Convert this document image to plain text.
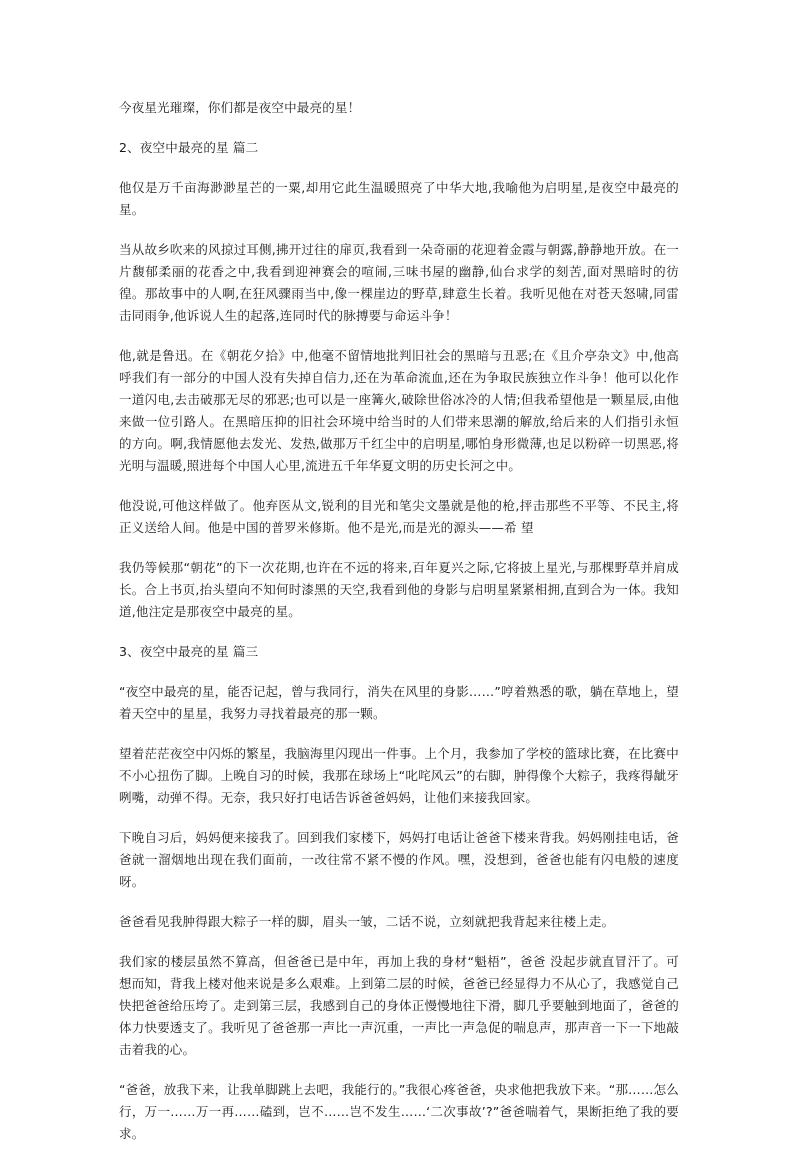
今夜星光璀璨，你们都是夜空中最亮的星！

2、夜空中最亮的星 篇二

他仅是万千亩海渺渺星芒的一粟,却用它此生温暖照亮了中华大地,我喻他为启明星,是夜空中最亮的星。

当从故乡吹来的风掠过耳侧,拂开过往的扉页,我看到一朵奇丽的花迎着金霞与朝露,静静地开放。在一片馥郁柔丽的花香之中,我看到迎神赛会的喧闹,三味书屋的幽静,仙台求学的刻苦,面对黑暗时的彷徨。那故事中的人啊,在狂风骤雨当中,像一棵崖边的野草,肆意生长着。我听见他在对苍天怒啸,同雷击同雨争,他诉说人生的起落,连同时代的脉搏要与命运斗争！

他,就是鲁迅。在《朝花夕拾》中,他毫不留情地批判旧社会的黑暗与丑恶;在《且介亭杂文》中,他高呼我们有一部分的中国人没有失掉自信力,还在为革命流血,还在为争取民族独立作斗争！他可以化作一道闪电,去击破那无尽的邪恶;也可以是一座篝火,破除世俗冰冷的人情;但我希望他是一颗星辰,由他来做一位引路人。在黑暗压抑的旧社会环境中给当时的人们带来思潮的解放,给后来的人们指引永恒的方向。啊,我情愿他去发光、发热,做那万千红尘中的启明星,哪怕身形微薄,也足以粉碎一切黑恶,将光明与温暖,照进每个中国人心里,流进五千年华夏文明的历史长河之中。

他没说,可他这样做了。他弃医从文,锐利的目光和笔尖文墨就是他的枪,抨击那些不平等、不民主,将正义送给人间。他是中国的普罗米修斯。他不是光,而是光的源头——希 望

我仍等候那“朝花”的下一次花期,也许在不远的将来,百年夏兴之际,它将披上星光,与那棵野草并肩成长。合上书页,抬头望向不知何时漆黑的天空,我看到他的身影与启明星紧紧相拥,直到合为一体。我知道,他注定是那夜空中最亮的星。

3、夜空中最亮的星 篇三

“夜空中最亮的星，能否记起，曾与我同行，消失在风里的身影……”哼着熟悉的歌，躺在草地上，望着天空中的星星，我努力寻找着最亮的那一颗。

望着茫茫夜空中闪烁的繁星，我脑海里闪现出一件事。上个月，我参加了学校的篮球比赛，在比赛中不小心扭伤了脚。上晚自习的时候，我那在球场上“叱咤风云”的右脚，肿得像个大粽子，我疼得龇牙咧嘴，动弹不得。无奈，我只好打电话告诉爸爸妈妈，让他们来接我回家。

下晚自习后，妈妈便来接我了。回到我们家楼下，妈妈打电话让爸爸下楼来背我。妈妈刚挂电话，爸爸就一溜烟地出现在我们面前，一改往常不紧不慢的作风。嘿，没想到，爸爸也能有闪电般的速度呀。

爸爸看见我肿得跟大粽子一样的脚，眉头一皱，二话不说，立刻就把我背起来往楼上走。

我们家的楼层虽然不算高，但爸爸已是中年，再加上我的身材“魁梧”，爸爸 没起步就直冒汗了。可想而知，背我上楼对他来说是多么艰难。上到第二层的时候，爸爸已经显得力不从心了，我感觉自己快把爸爸给压垮了。走到第三层，我感到自己的身体正慢慢地往下滑，脚几乎要触到地面了，爸爸的体力快要透支了。我听见了爸爸那一声比一声沉重，一声比一声急促的喘息声，那声音一下一下地敲击着我的心。

“爸爸，放我下来，让我单脚跳上去吧，我能行的。”我很心疼爸爸，央求他把我放下来。“那……怎么行，万一……万一再……磕到，岂不……岂不发生……‘二次事故’?”爸爸喘着气，果断拒绝了我的要求。
